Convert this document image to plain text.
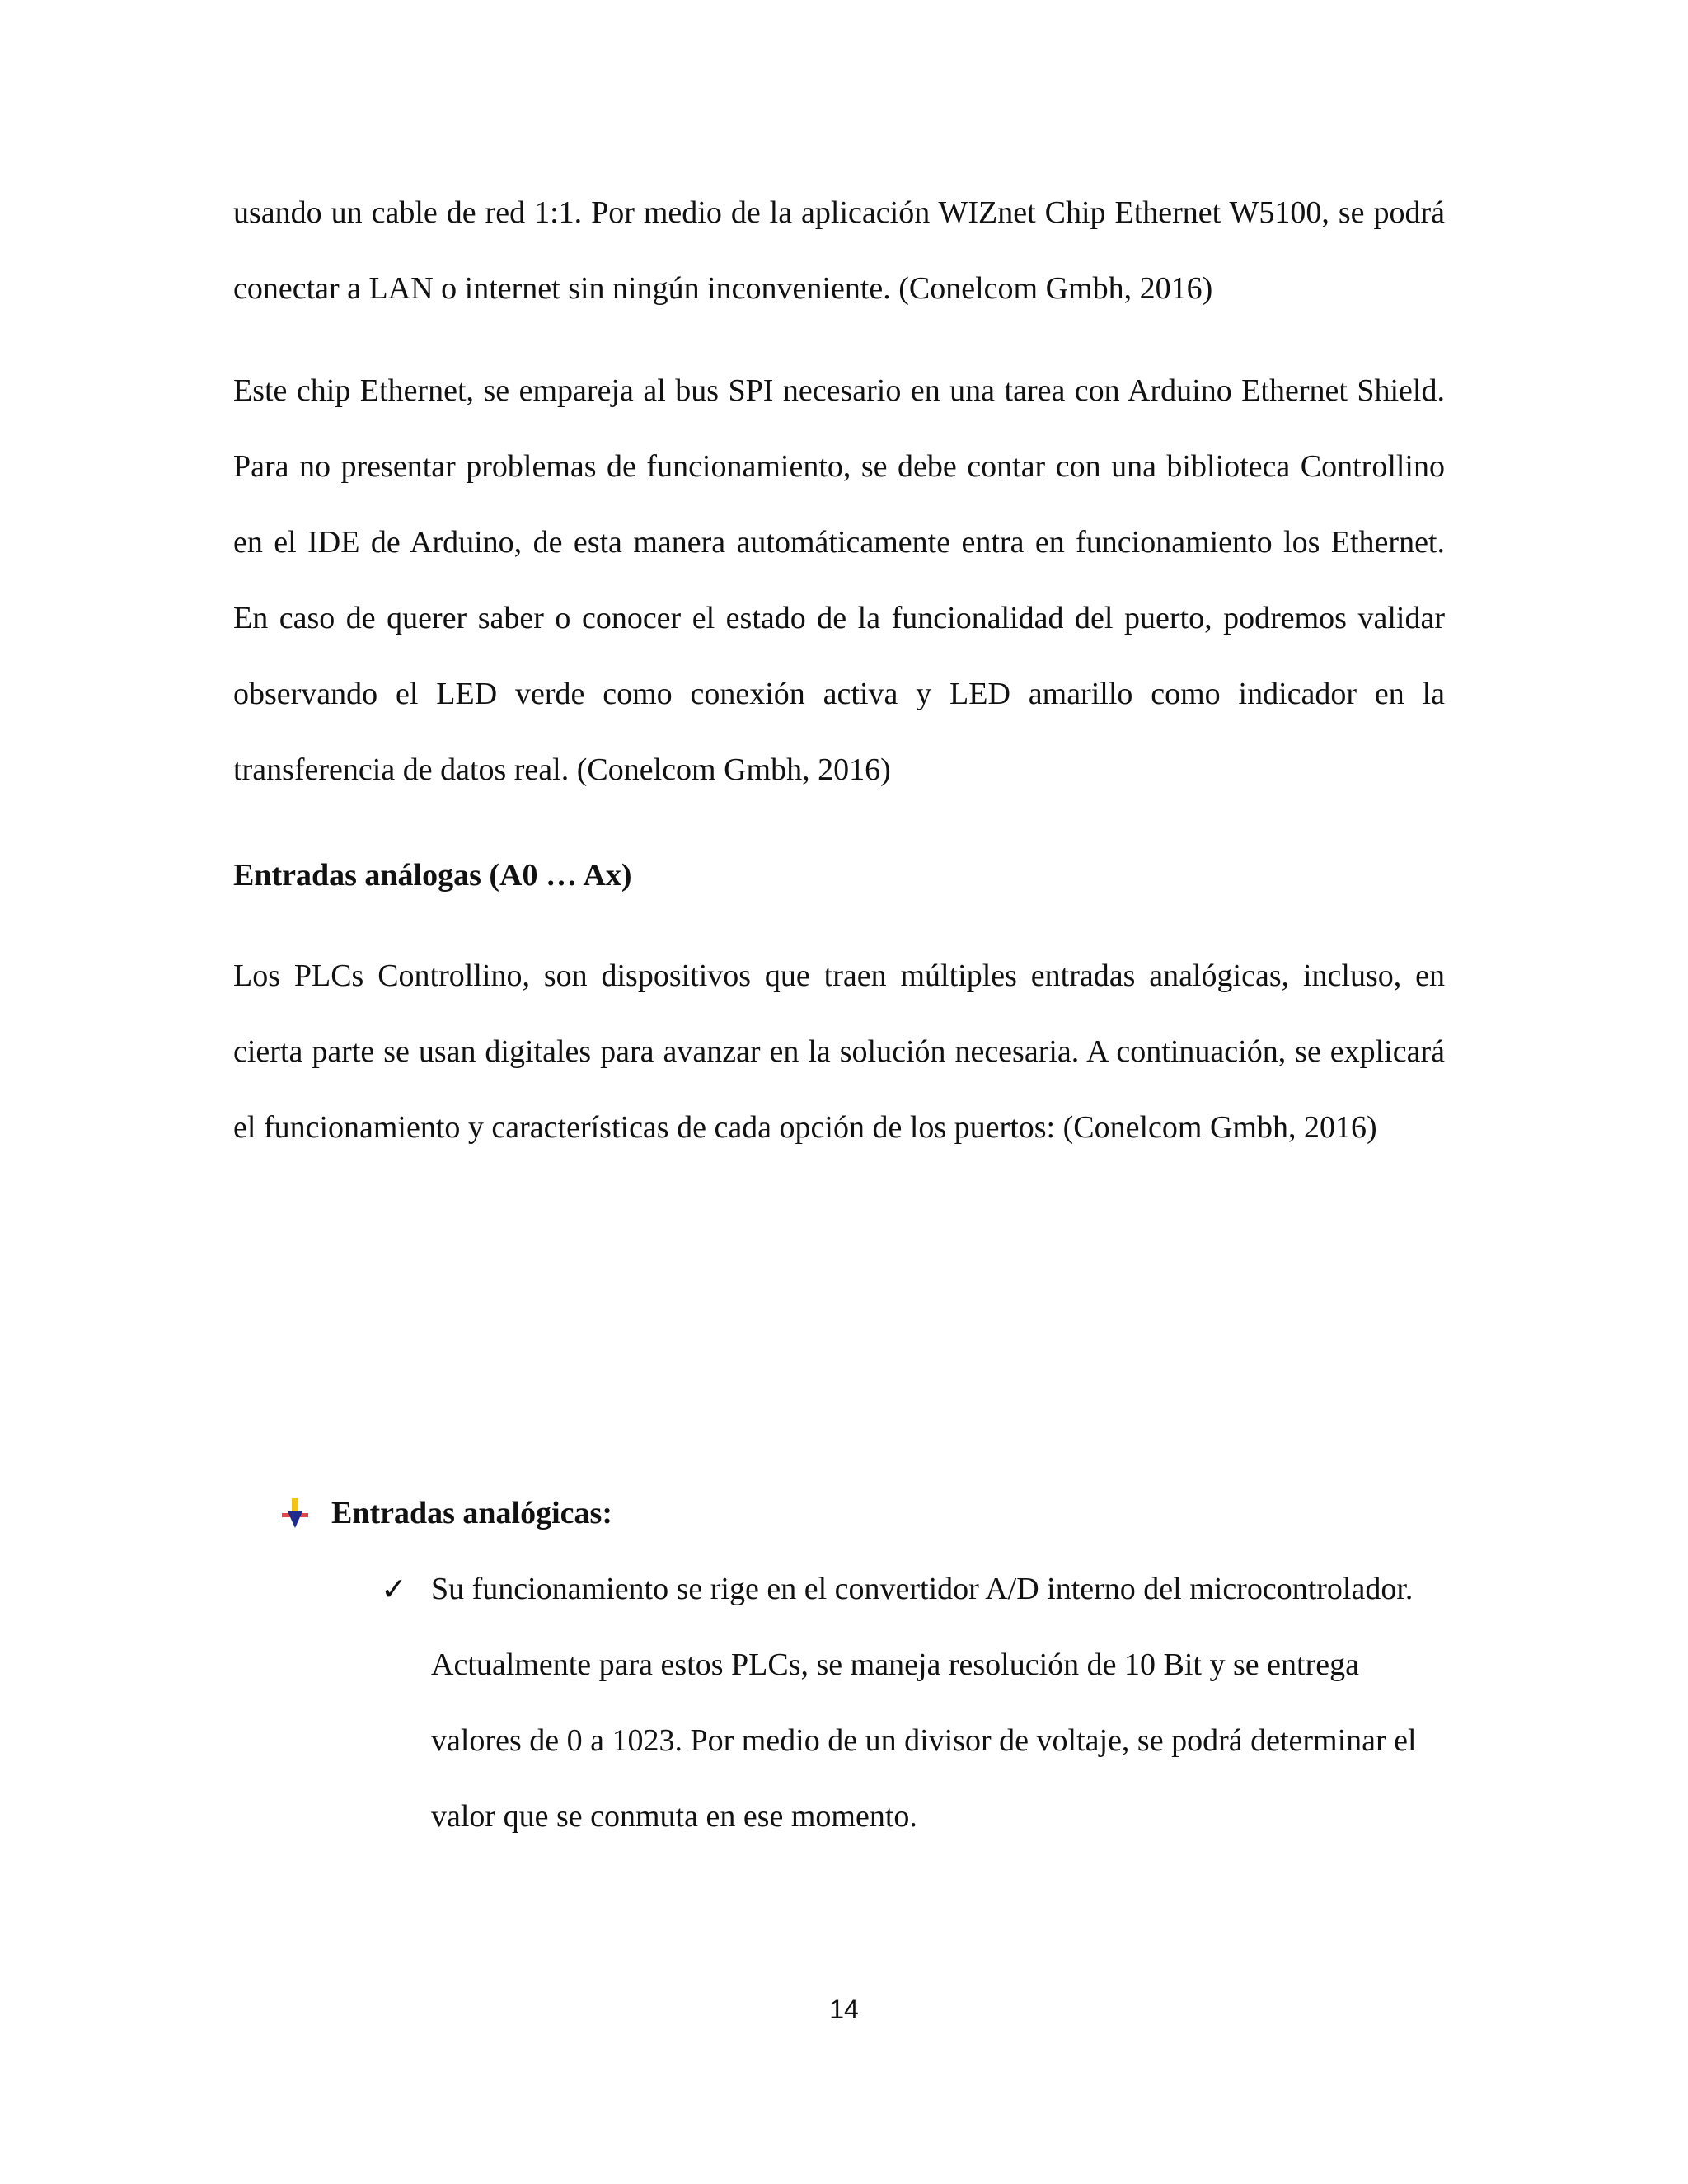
usando un cable de red 1:1. Por medio de la aplicación WIZnet Chip Ethernet W5100, se podrá conectar a LAN o internet sin ningún inconveniente. (Conelcom Gmbh, 2016)

Este chip Ethernet, se empareja al bus SPI necesario en una tarea con Arduino Ethernet Shield. Para no presentar problemas de funcionamiento, se debe contar con una biblioteca Controllino en el IDE de Arduino, de esta manera automáticamente entra en funcionamiento los Ethernet. En caso de querer saber o conocer el estado de la funcionalidad del puerto, podremos validar observando el LED verde como conexión activa y LED amarillo como indicador en la transferencia de datos real. (Conelcom Gmbh, 2016)

Entradas análogas (A0 … Ax)

Los PLCs Controllino, son dispositivos que traen múltiples entradas analógicas, incluso, en cierta parte se usan digitales para avanzar en la solución necesaria. A continuación, se explicará el funcionamiento y características de cada opción de los puertos: (Conelcom Gmbh, 2016)

Entradas analógicas:
✓ Su funcionamiento se rige en el convertidor A/D interno del microcontrolador. Actualmente para estos PLCs, se maneja resolución de 10 Bit y se entrega valores de 0 a 1023. Por medio de un divisor de voltaje, se podrá determinar el valor que se conmuta en ese momento.

14
